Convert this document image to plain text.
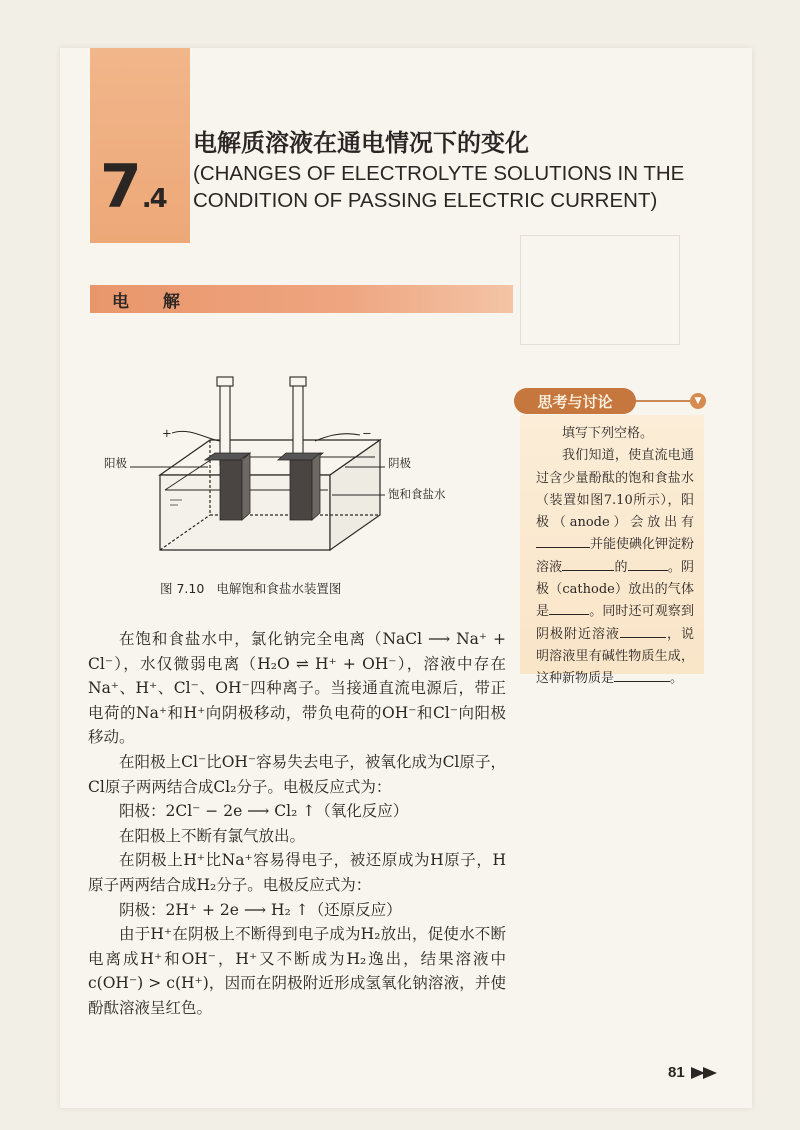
7.4
电解质溶液在通电情况下的变化
(CHANGES OF ELECTROLYTE SOLUTIONS IN THE CONDITION OF PASSING ELECTRIC CURRENT)
电 解
+	−
阳极	阴极
饱和食盐水
图 7.10 电解饱和食盐水装置图
思考与讨论	▼

填写下列空格。

我们知道，使直流电通过含少量酚酞的饱和食盐水（装置如图7.10所示），阳极（anode）会放出有并能使碘化钾淀粉溶液	的	。阴极（cathode）放出的气体是	。同时还可观察到阴极附近溶液	，说明溶液里有碱性物质生成，这种新物质是	。

在饱和食盐水中，氯化钠完全电离（NaCl ⟶ Na⁺ + Cl⁻），水仅微弱电离（H₂O ⇌ H⁺ + OH⁻），溶液中存在Na⁺、H⁺、Cl⁻、OH⁻四种离子。当接通直流电源后，带正电荷的Na⁺和H⁺向阴极移动，带负电荷的OH⁻和Cl⁻向阳极移动。

在阳极上Cl⁻比OH⁻容易失去电子，被氧化成为Cl原子，Cl原子两两结合成Cl₂分子。电极反应式为：

阳极：2Cl⁻ − 2e ⟶ Cl₂ ↑（氧化反应）

在阳极上不断有氯气放出。

在阴极上H⁺比Na⁺容易得电子，被还原成为H原子，H原子两两结合成H₂分子。电极反应式为：

阴极：2H⁺ + 2e ⟶ H₂ ↑（还原反应）

由于H⁺在阴极上不断得到电子成为H₂放出，促使水不断电离成H⁺和OH⁻，H⁺又不断成为H₂逸出，结果溶液中c(OH⁻) > c(H⁺)，因而在阴极附近形成氢氧化钠溶液，并使酚酞溶液呈红色。

81
